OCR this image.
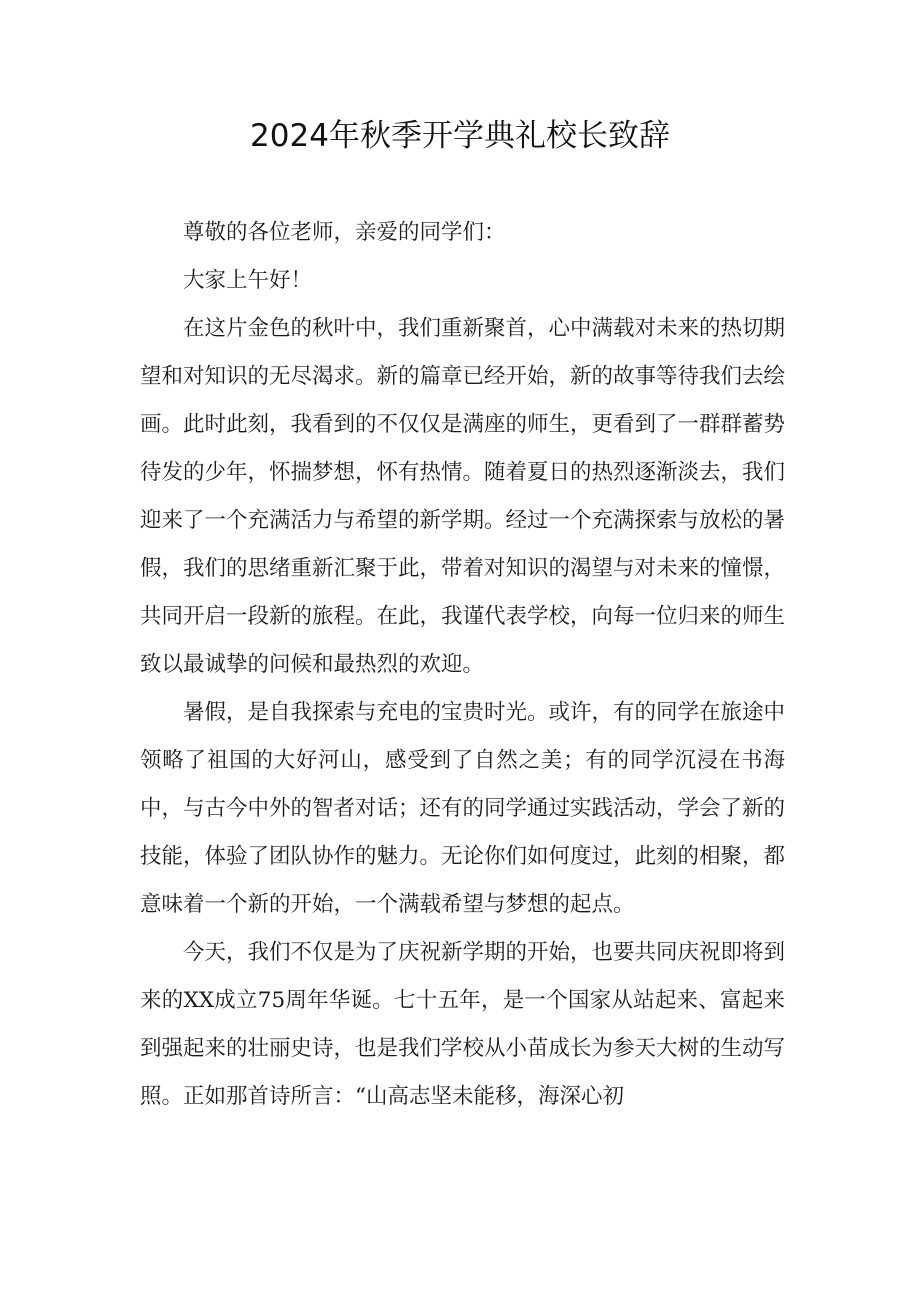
2024年秋季开学典礼校长致辞

尊敬的各位老师，亲爱的同学们：

大家上午好！

在这片金色的秋叶中，我们重新聚首，心中满载对未来的热切期望和对知识的无尽渴求。新的篇章已经开始，新的故事等待我们去绘画。此时此刻，我看到的不仅仅是满座的师生，更看到了一群群蓄势待发的少年，怀揣梦想，怀有热情。随着夏日的热烈逐渐淡去，我们迎来了一个充满活力与希望的新学期。经过一个充满探索与放松的暑假，我们的思绪重新汇聚于此，带着对知识的渴望与对未来的憧憬，共同开启一段新的旅程。在此，我谨代表学校，向每一位归来的师生致以最诚挚的问候和最热烈的欢迎。

暑假，是自我探索与充电的宝贵时光。或许，有的同学在旅途中领略了祖国的大好河山，感受到了自然之美；有的同学沉浸在书海中，与古今中外的智者对话；还有的同学通过实践活动，学会了新的技能，体验了团队协作的魅力。无论你们如何度过，此刻的相聚，都意味着一个新的开始，一个满载希望与梦想的起点。

今天，我们不仅是为了庆祝新学期的开始，也要共同庆祝即将到来的XX成立75周年华诞。七十五年，是一个国家从站起来、富起来到强起来的壮丽史诗，也是我们学校从小苗成长为参天大树的生动写照。正如那首诗所言：“山高志坚未能移，海深心初
